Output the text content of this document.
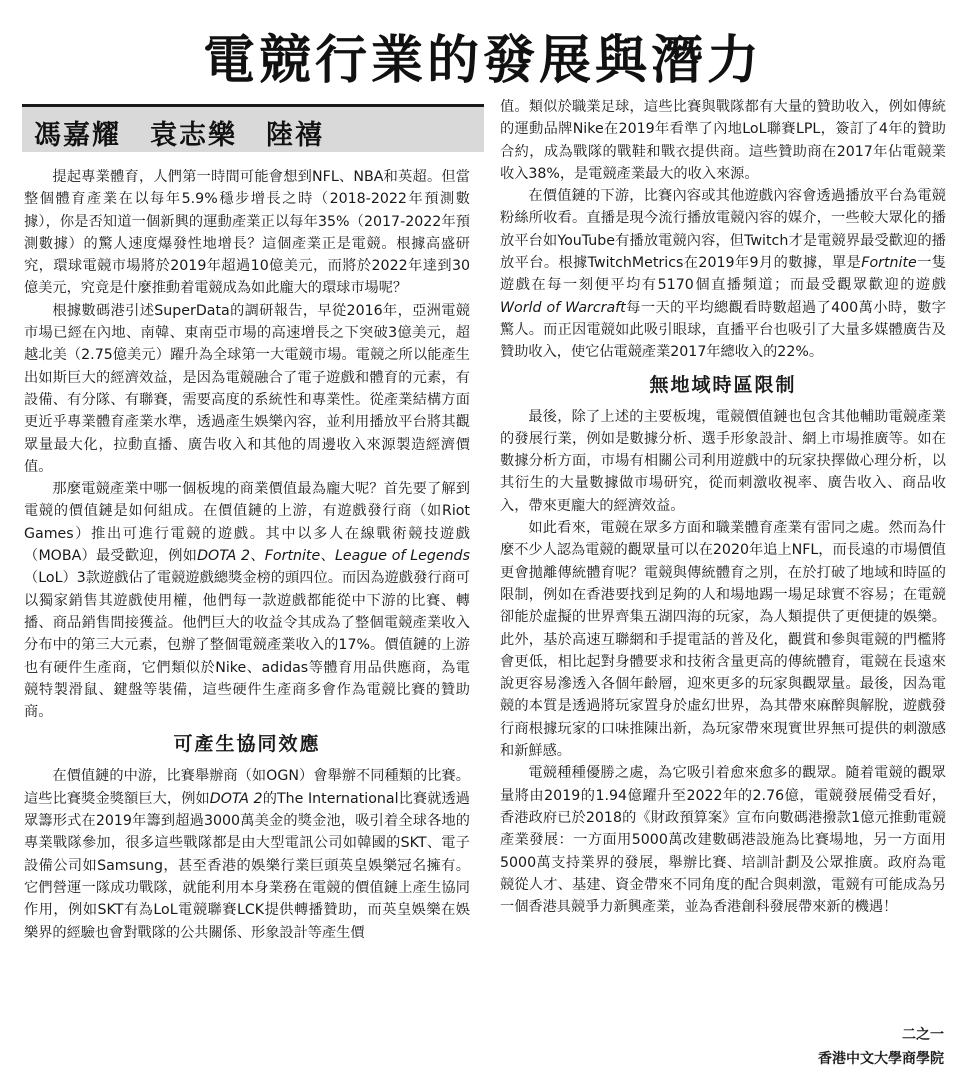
電競行業的發展與潛力
馮嘉耀　袁志樂　陸禧

提起專業體育，人們第一時間可能會想到NFL、NBA和英超。但當整個體育產業在以每年5.9%穩步增長之時（2018-2022年預測數據），你是否知道一個新興的運動產業正以每年35%（2017-2022年預測數據）的驚人速度爆發性地增長？這個產業正是電競。根據高盛研究，環球電競市場將於2019年超過10億美元，而將於2022年達到30億美元，究竟是什麼推動着電競成為如此龐大的環球市場呢？

根據數碼港引述SuperData的調研報告，早從2016年，亞洲電競市場已經在內地、南韓、東南亞市場的高速增長之下突破3億美元，超越北美（2.75億美元）躍升為全球第一大電競市場。電競之所以能產生出如斯巨大的經濟效益，是因為電競融合了電子遊戲和體育的元素，有設備、有分隊、有聯賽，需要高度的系統性和專業性。從產業結構方面更近乎專業體育產業水準，透過產生娛樂內容，並利用播放平台將其觀眾量最大化，拉動直播、廣告收入和其他的周邊收入來源製造經濟價值。

那麼電競產業中哪一個板塊的商業價值最為龐大呢？首先要了解到電競的價值鏈是如何組成。在價值鏈的上游，有遊戲發行商（如Riot Games）推出可進行電競的遊戲。其中以多人在線戰術競技遊戲（MOBA）最受歡迎，例如DOTA 2、Fortnite、League of Legends（LoL）3款遊戲佔了電競遊戲總獎金榜的頭四位。而因為遊戲發行商可以獨家銷售其遊戲使用權，他們每一款遊戲都能從中下游的比賽、轉播、商品銷售間接獲益。他們巨大的收益令其成為了整個電競產業收入分布中的第三大元素，包辦了整個電競產業收入的17%。價值鏈的上游也有硬件生產商，它們類似於Nike、adidas等體育用品供應商，為電競特製滑鼠、鍵盤等裝備，這些硬件生產商多會作為電競比賽的贊助商。

可產生協同效應

在價值鏈的中游，比賽舉辦商（如OGN）會舉辦不同種類的比賽。這些比賽獎金獎額巨大，例如DOTA 2的The International比賽就透過眾籌形式在2019年籌到超過3000萬美金的獎金池，吸引着全球各地的專業戰隊參加，很多這些戰隊都是由大型電訊公司如韓國的SKT、電子設備公司如Samsung，甚至香港的娛樂行業巨頭英皇娛樂冠名擁有。它們營運一隊成功戰隊，就能利用本身業務在電競的價值鏈上產生協同作用，例如SKT有為LoL電競聯賽LCK提供轉播贊助，而英皇娛樂在娛樂界的經驗也會對戰隊的公共關係、形象設計等產生價

值。類似於職業足球，這些比賽與戰隊都有大量的贊助收入，例如傳統的運動品牌Nike在2019年看準了內地LoL聯賽LPL，簽訂了4年的贊助合約，成為戰隊的戰鞋和戰衣提供商。這些贊助商在2017年佔電競業收入38%，是電競產業最大的收入來源。

在價值鏈的下游，比賽內容或其他遊戲內容會透過播放平台為電競粉絲所收看。直播是現今流行播放電競內容的媒介，一些較大眾化的播放平台如YouTube有播放電競內容，但Twitch才是電競界最受歡迎的播放平台。根據TwitchMetrics在2019年9月的數據，單是Fortnite一隻遊戲在每一刻便平均有5170個直播頻道；而最受觀眾歡迎的遊戲World of Warcraft每一天的平均總觀看時數超過了400萬小時，數字驚人。而正因電競如此吸引眼球，直播平台也吸引了大量多媒體廣告及贊助收入，使它佔電競產業2017年總收入的22%。

無地域時區限制

最後，除了上述的主要板塊，電競價值鏈也包含其他輔助電競產業的發展行業，例如是數據分析、選手形象設計、網上市場推廣等。如在數據分析方面，市場有相關公司利用遊戲中的玩家抉擇做心理分析，以其衍生的大量數據做市場研究，從而刺激收視率、廣告收入、商品收入，帶來更龐大的經濟效益。

如此看來，電競在眾多方面和職業體育產業有雷同之處。然而為什麼不少人認為電競的觀眾量可以在2020年追上NFL，而長遠的市場價值更會拋離傳統體育呢？電競與傳統體育之別，在於打破了地域和時區的限制，例如在香港要找到足夠的人和場地踢一場足球實不容易；在電競卻能於虛擬的世界齊集五湖四海的玩家，為人類提供了更便捷的娛樂。此外，基於高速互聯網和手提電話的普及化，觀賞和參與電競的門檻將會更低，相比起對身體要求和技術含量更高的傳統體育，電競在長遠來說更容易滲透入各個年齡層，迎來更多的玩家與觀眾量。最後，因為電競的本質是透過將玩家置身於虛幻世界，為其帶來麻醉與解脫，遊戲發行商根據玩家的口味推陳出新，為玩家帶來現實世界無可提供的刺激感和新鮮感。

電競種種優勝之處，為它吸引着愈來愈多的觀眾。隨着電競的觀眾量將由2019的1.94億躍升至2022年的2.76億，電競發展備受看好，香港政府已於2018的《財政預算案》宣布向數碼港撥款1億元推動電競產業發展：一方面用5000萬改建數碼港設施為比賽場地，另一方面用5000萬支持業界的發展，舉辦比賽、培訓計劃及公眾推廣。政府為電競從人才、基建、資金帶來不同角度的配合與刺激，電競有可能成為另一個香港具競爭力新興產業，並為香港創科發展帶來新的機遇！

二之一
香港中文大學商學院
